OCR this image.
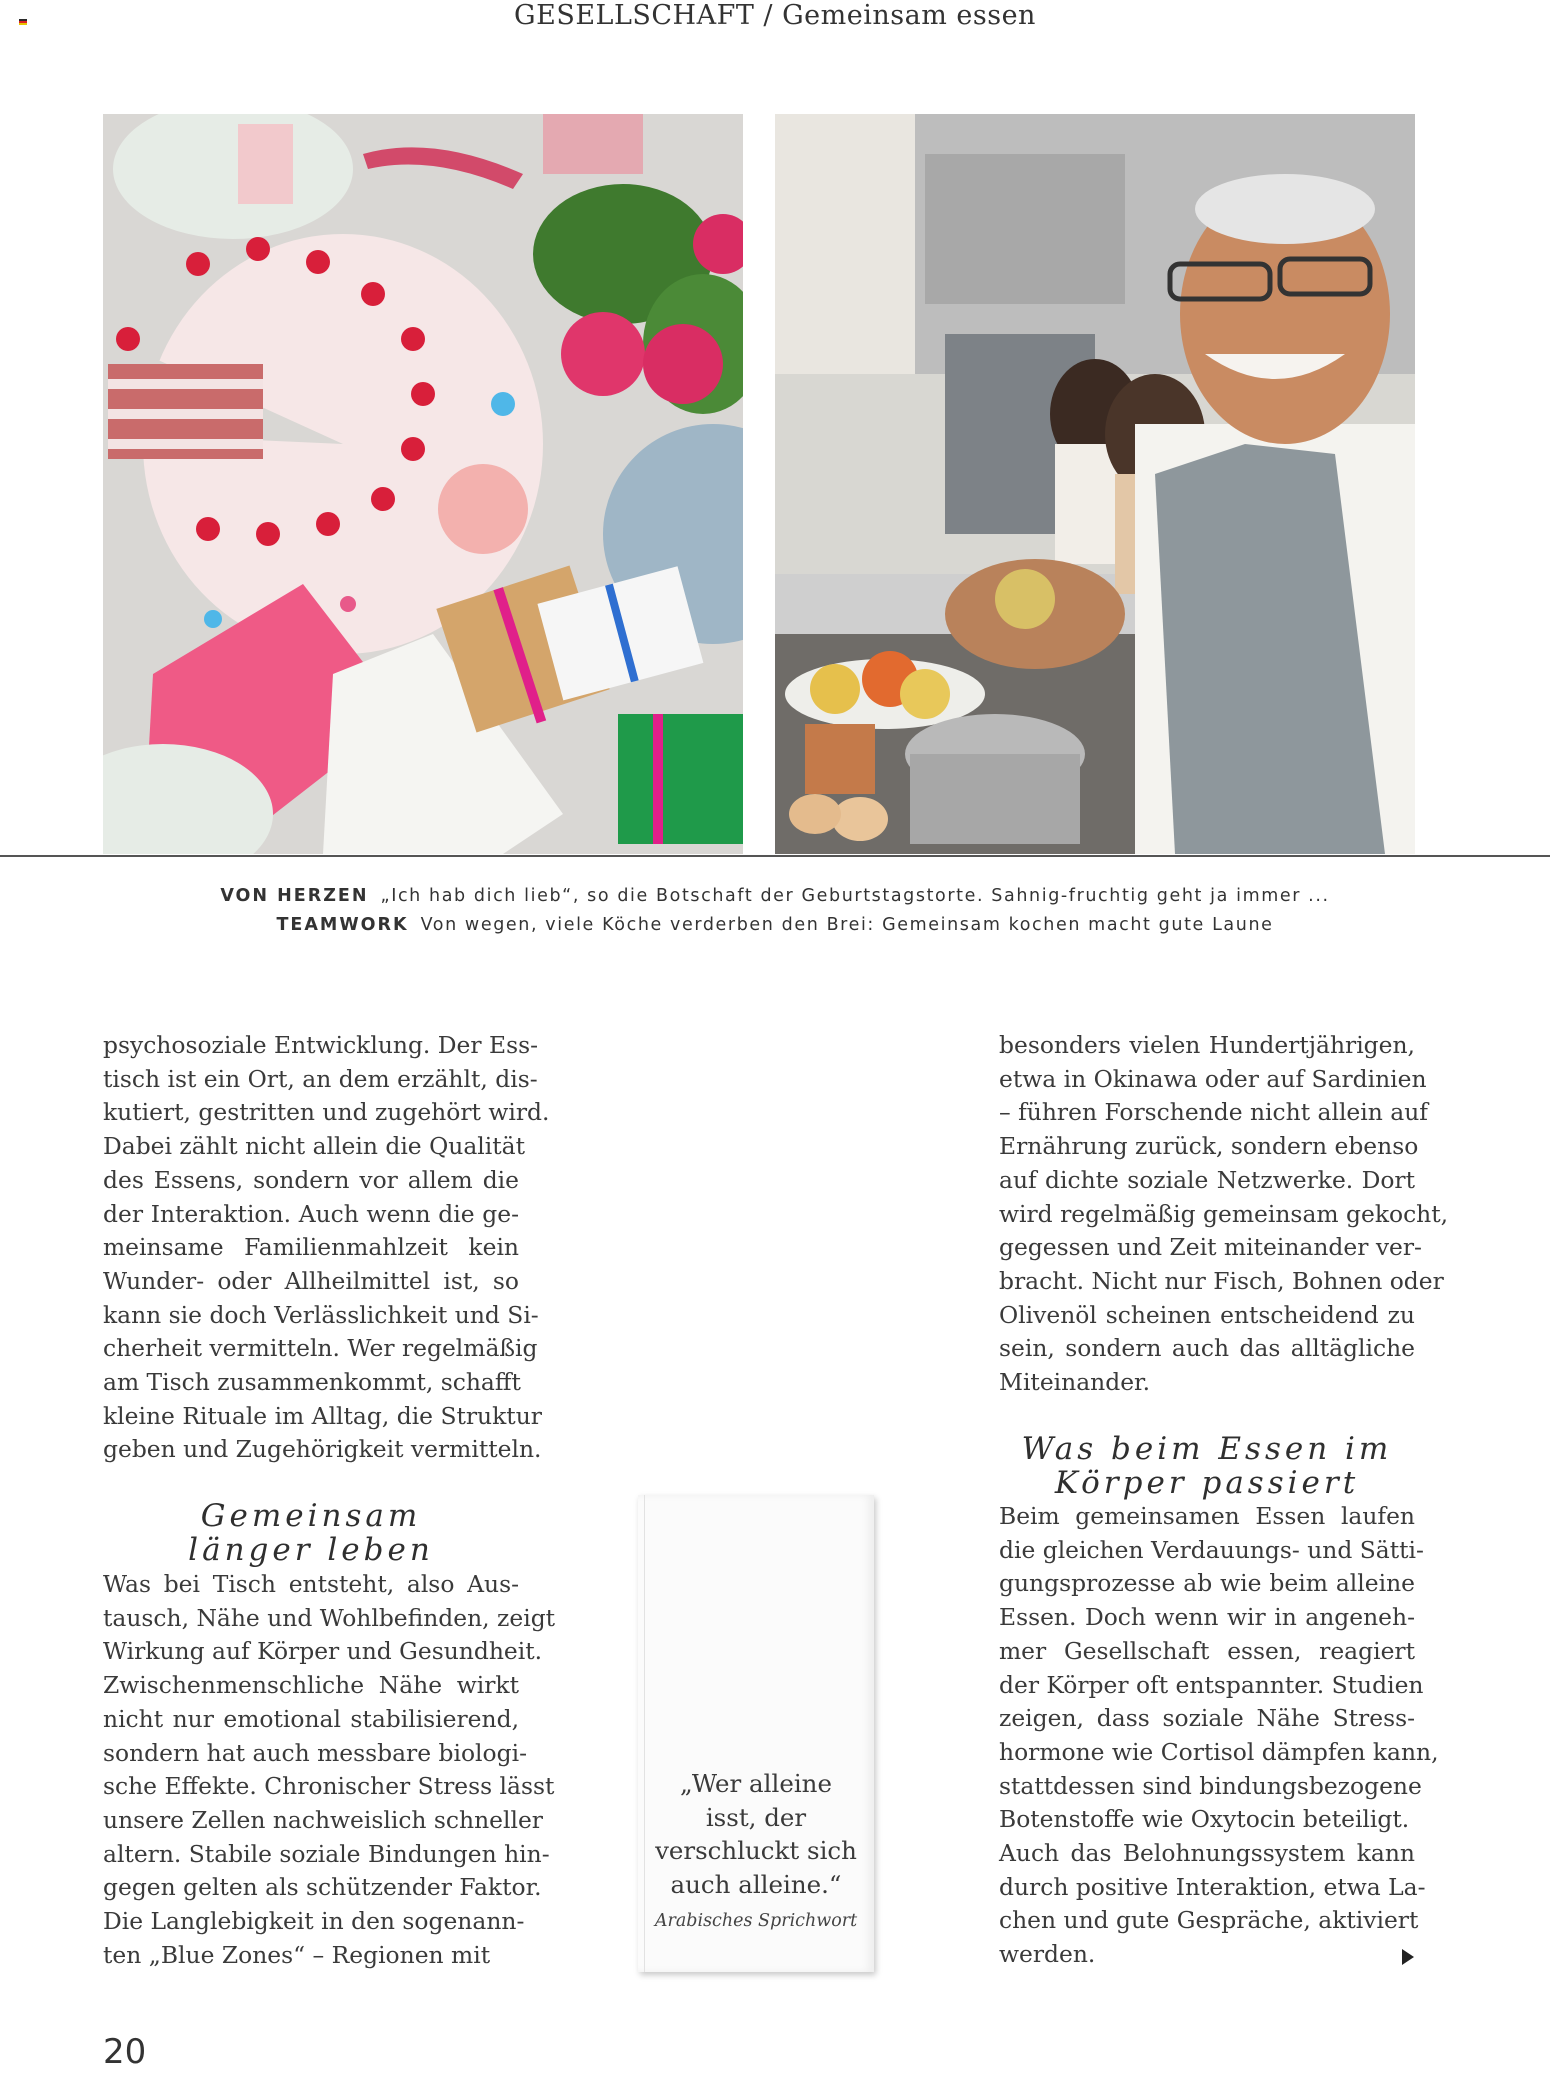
GESELLSCHAFT / Gemeinsam essen
VON HERZEN „Ich hab dich lieb“, so die Botschaft der Geburtstagstorte. Sahnig-fruchtig geht ja immer ...
TEAMWORK Von wegen, viele Köche verderben den Brei: Gemeinsam kochen macht gute Laune
psychosoziale Entwicklung. Der Ess-
tisch ist ein Ort, an dem erzählt, dis-
kutiert, gestritten und zugehört wird.
Dabei zählt nicht allein die Qualität
des Essens, sondern vor allem die
der Interaktion. Auch wenn die ge-
meinsame Familienmahlzeit kein
Wunder- oder Allheilmittel ist, so
kann sie doch Verlässlichkeit und Si-
cherheit vermitteln. Wer regelmäßig
am Tisch zusammenkommt, schafft
kleine Rituale im Alltag, die Struktur
geben und Zugehörigkeit vermitteln.
Gemeinsam
länger leben
Was bei Tisch entsteht, also Aus-
tausch, Nähe und Wohlbefinden, zeigt
Wirkung auf Körper und Gesundheit.
Zwischenmenschliche Nähe wirkt
nicht nur emotional stabilisierend,
sondern hat auch messbare biologi-
sche Effekte. Chronischer Stress lässt
unsere Zellen nachweislich schneller
altern. Stabile soziale Bindungen hin-
gegen gelten als schützender Faktor.
Die Langlebigkeit in den sogenann-
ten „Blue Zones“ – Regionen mit
„Wer alleine
isst, der
verschluckt sich
auch alleine.“
Arabisches Sprichwort
besonders vielen Hundertjährigen,
etwa in Okinawa oder auf Sardinien
– führen Forschende nicht allein auf
Ernährung zurück, sondern ebenso
auf dichte soziale Netzwerke. Dort
wird regelmäßig gemeinsam gekocht,
gegessen und Zeit miteinander ver-
bracht. Nicht nur Fisch, Bohnen oder
Olivenöl scheinen entscheidend zu
sein, sondern auch das alltägliche
Miteinander.
Was beim Essen im
Körper passiert
Beim gemeinsamen Essen laufen
die gleichen Verdauungs- und Sätti-
gungsprozesse ab wie beim alleine
Essen. Doch wenn wir in angeneh-
mer Gesellschaft essen, reagiert
der Körper oft entspannter. Studien
zeigen, dass soziale Nähe Stress-
hormone wie Cortisol dämpfen kann,
stattdessen sind bindungsbezogene
Botenstoffe wie Oxytocin beteiligt.
Auch das Belohnungssystem kann
durch positive Interaktion, etwa La-
chen und gute Gespräche, aktiviert
werden.
20
